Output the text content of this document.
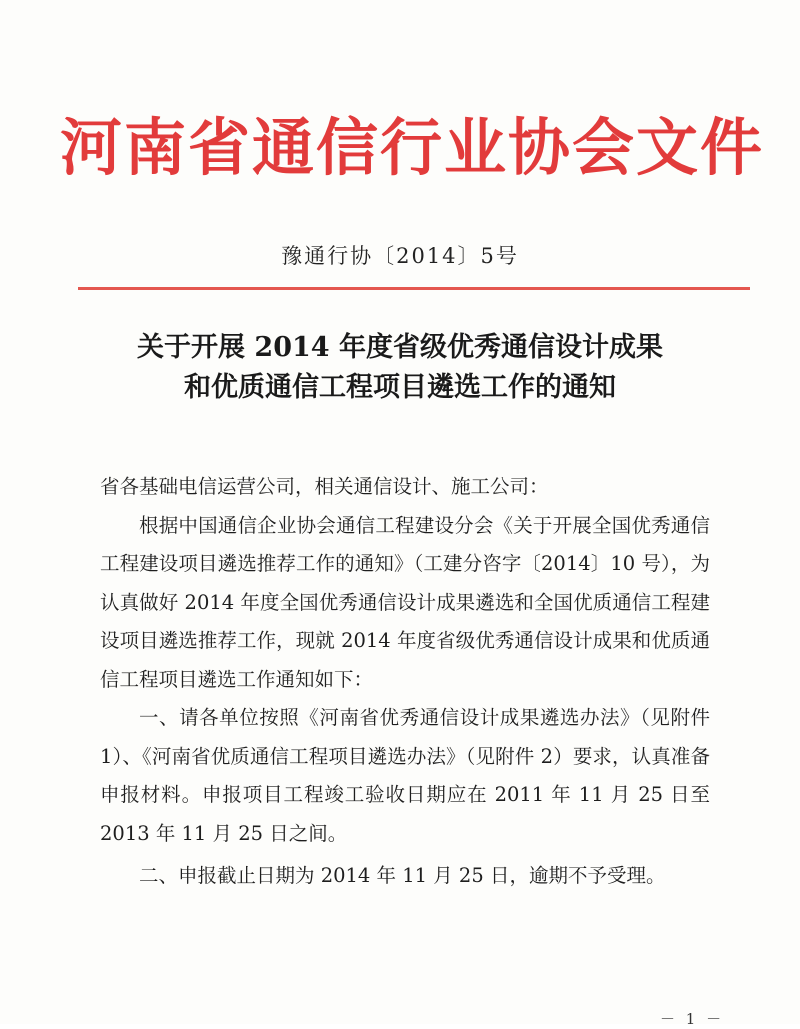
河南省通信行业协会文件
豫通行协〔2014〕5号
关于开展 2014 年度省级优秀通信设计成果
和优质通信工程项目遴选工作的通知

省各基础电信运营公司，相关通信设计、施工公司：

根据中国通信企业协会通信工程建设分会《关于开展全国优秀通信工程建设项目遴选推荐工作的通知》（工建分咨字〔2014〕10 号），为认真做好 2014 年度全国优秀通信设计成果遴选和全国优质通信工程建设项目遴选推荐工作，现就 2014 年度省级优秀通信设计成果和优质通信工程项目遴选工作通知如下：

一、请各单位按照《河南省优秀通信设计成果遴选办法》（见附件 1）、《河南省优质通信工程项目遴选办法》（见附件 2）要求，认真准备申报材料。申报项目工程竣工验收日期应在 2011 年 11 月 25 日至 2013 年 11 月 25 日之间。

二、申报截止日期为 2014 年 11 月 25 日，逾期不予受理。

－ 1 －
